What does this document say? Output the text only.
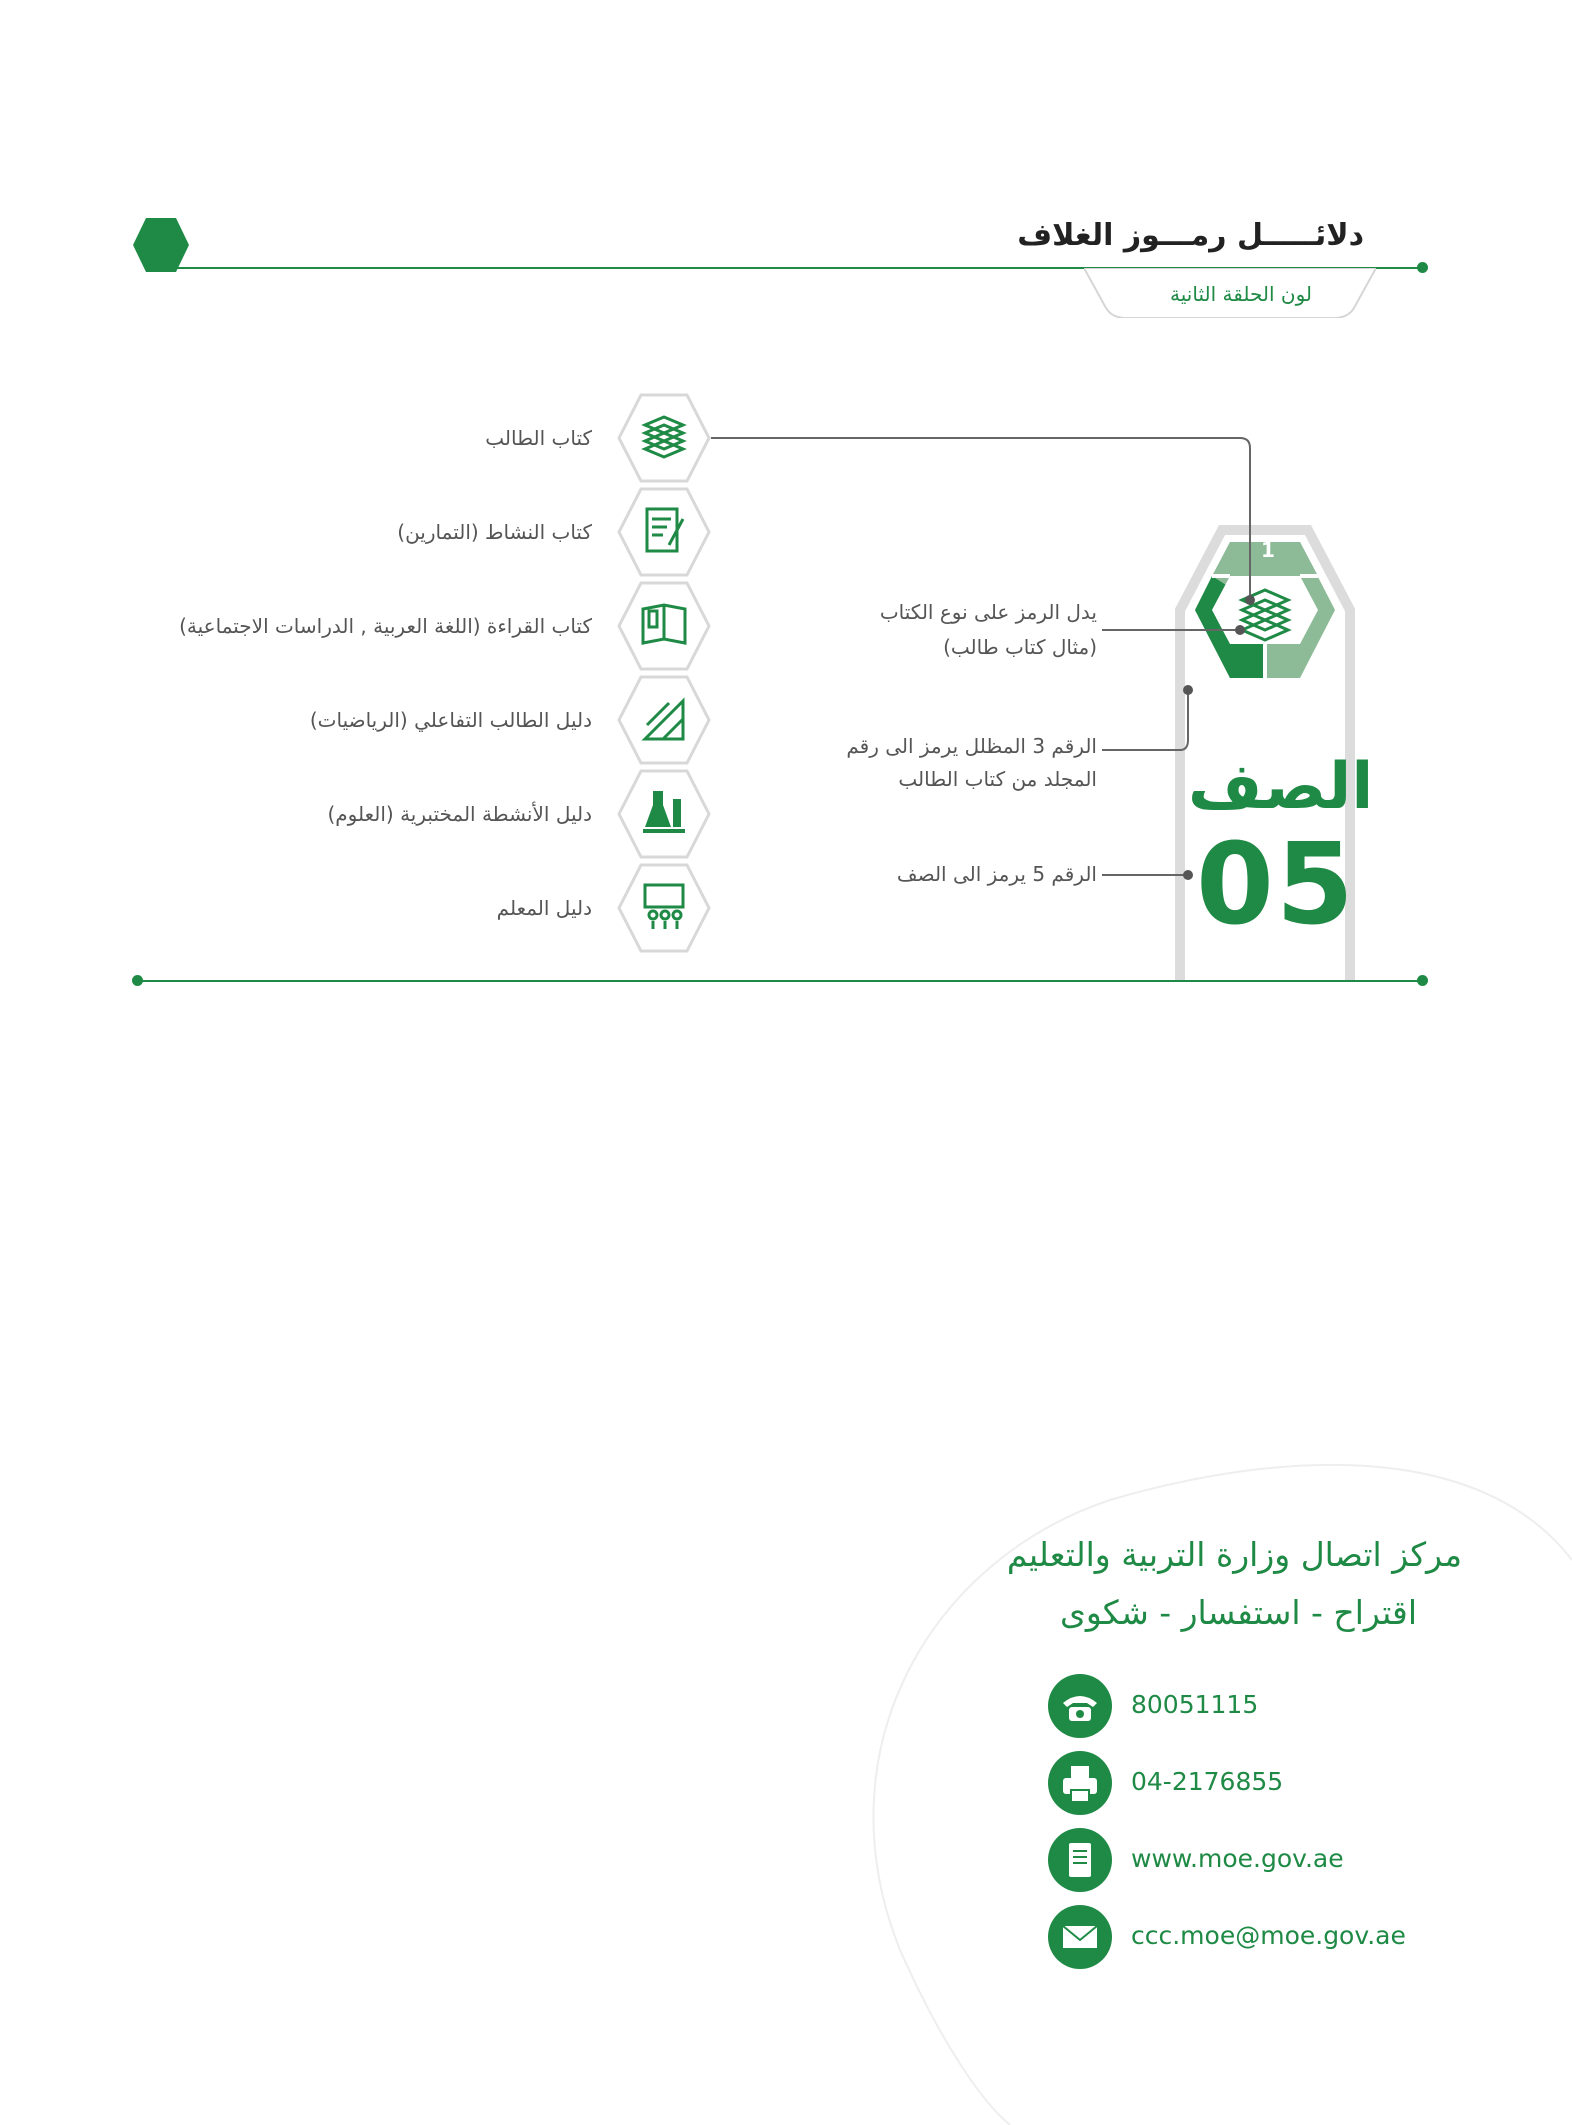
دلائـــــل رمـــوز الغلاف
لون الحلقة الثانية
كتاب الطالب
كتاب النشاط (التمارين)
كتاب القراءة (اللغة العربية , الدراسات الاجتماعية)
دليل الطالب التفاعلي (الرياضيات)
دليل الأنشطة المختبرية (العلوم)
دليل المعلم
1
2
3
الصف
05
يدل الرمز على نوع الكتاب
(مثال كتاب طالب)
الرقم 3 المظلل يرمز الى رقم
المجلد من كتاب الطالب
الرقم 5 يرمز الى الصف
مركز اتصال وزارة التربية والتعليم
اقتراح - استفسار - شكوى
80051115
04-2176855
www.moe.gov.ae
ccc.moe@moe.gov.ae
